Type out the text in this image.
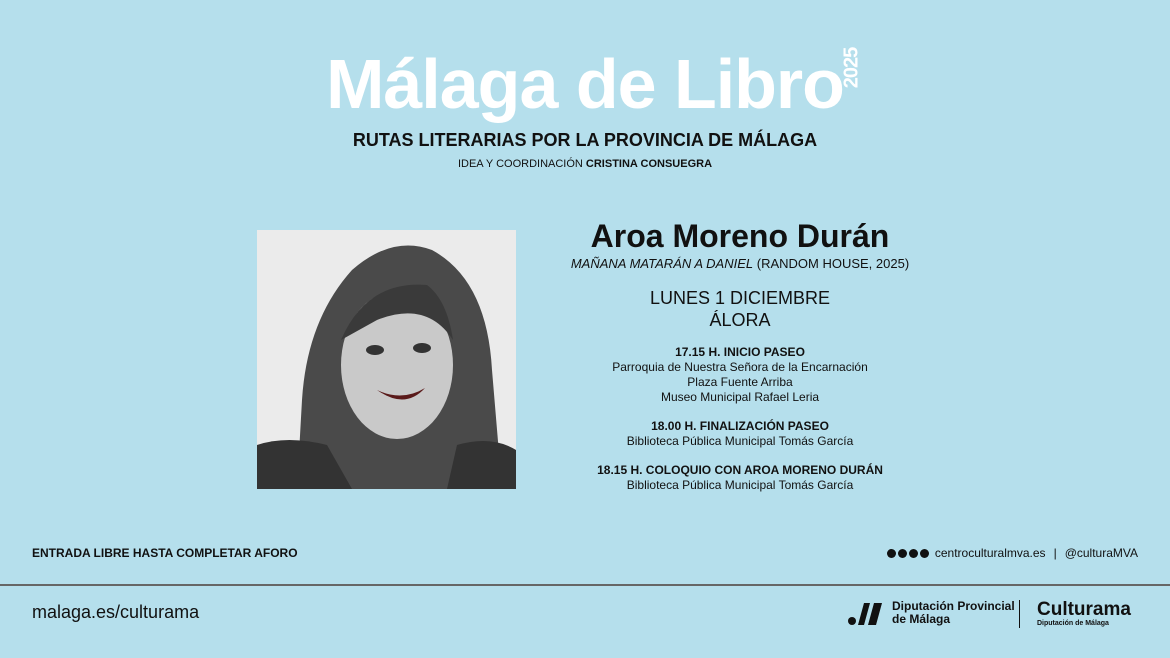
Málaga de Libro
2025
RUTAS LITERARIAS POR LA PROVINCIA DE MÁLAGA
IDEA Y COORDINACIÓN CRISTINA CONSUEGRA
Aroa Moreno Durán
MAÑANA MATARÁN A DANIEL (RANDOM HOUSE, 2025)
LUNES 1 DICIEMBRE
ÁLORA
17.15 H. INICIO PASEO
Parroquia de Nuestra Señora de la Encarnación
Plaza Fuente Arriba
Museo Municipal Rafael Leria
18.00 H. FINALIZACIÓN PASEO
Biblioteca Pública Municipal Tomás García
18.15 H. COLOQUIO CON AROA MORENO DURÁN
Biblioteca Pública Municipal Tomás García
ENTRADA LIBRE HASTA COMPLETAR AFORO	centroculturalmva.es | @culturaMVA
malaga.es/culturama	Diputación Provincial
de Málaga	Culturama
Diputación de Málaga
